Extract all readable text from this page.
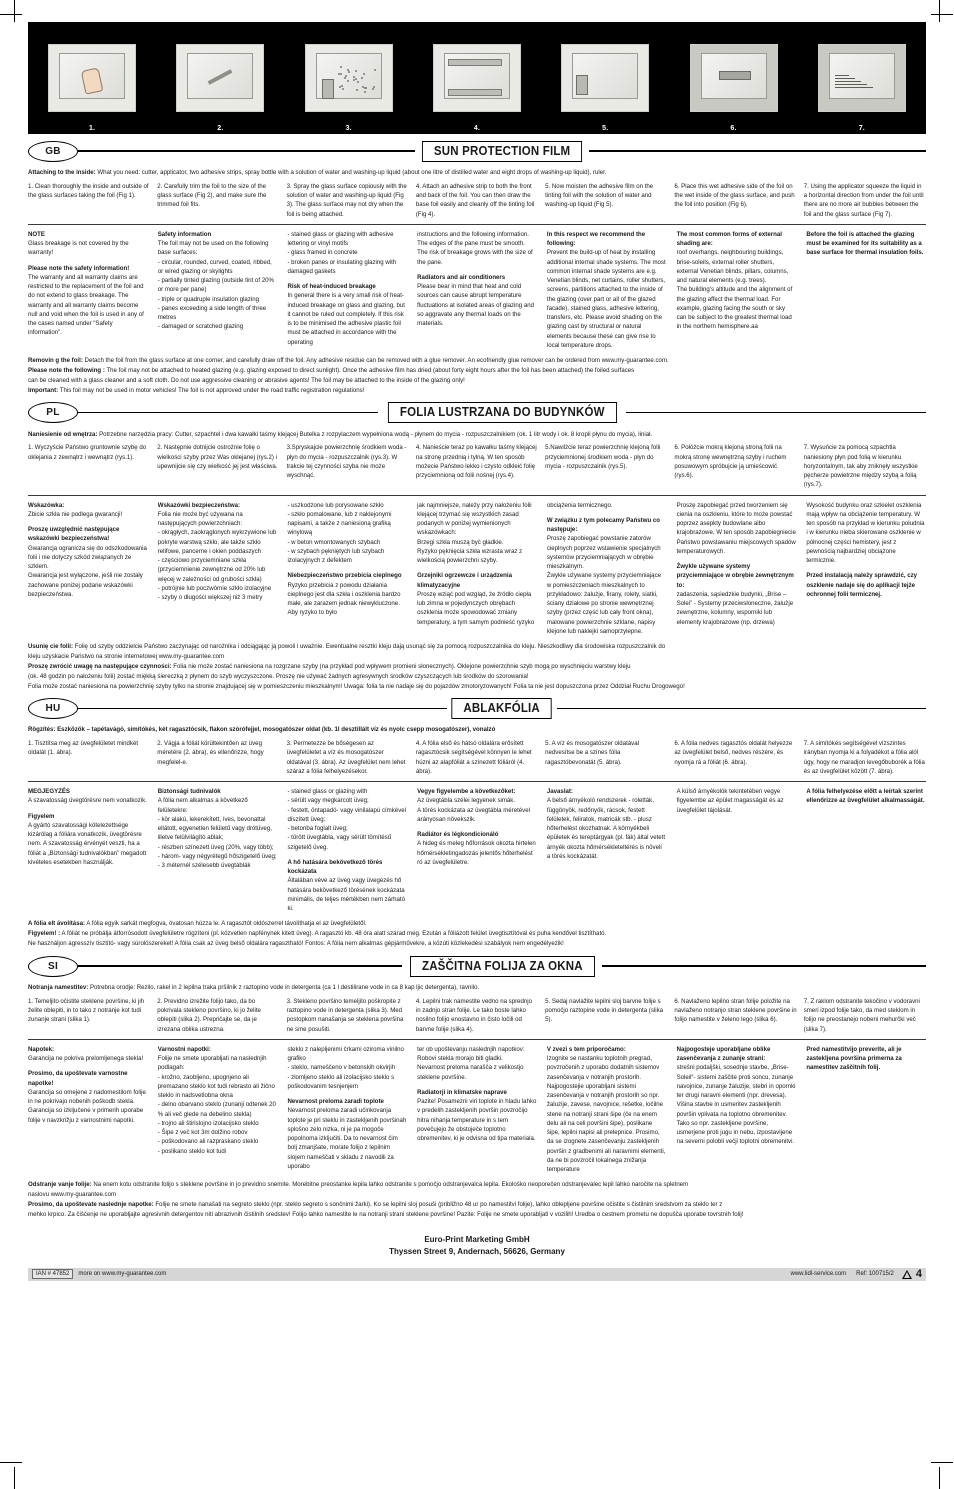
1.	2.	3.	4.	5.	6.	7.
GB	SUN PROTECTION FILM
Attaching to the inside: What you need: cutter, applicator, two adhesive strips, spray bottle with a solution of water and washing-up liquid (about one litre of distilled water and eight drops of washing-up liquid), ruler.
1. Clean thoroughly the inside and outside of the glass surfaces taking the foil (Fig 1).
2. Carefully trim the foil to the size of the glass surface (Fig 2), and make sure the trimmed foil fits.
3. Spray the glass surface copiously with the solution of water and washing-up liquid (Fig 3). The glass surface may not dry when the foil is being attached.
4. Attach an adhesive strip to both the front and back of the foil. You can then draw the base foil easily and cleanly off the tinting foil (Fig 4).
5. Now moisten the adhesive film on the tinting foil with the solution of water and washing-up liquid (Fig 5).
6. Place this wet adhesive side of the foil on the wet inside of the glass surface, and push the foil into position (Fig 6).
7. Using the applicator squeeze the liquid in a horizontal direction from under the foil until there are no more air bubbles between the foil and the glass surface (Fig 7).
NOTE
Glass breakage is not covered by the warranty!
Please note the safety information!
The warranty and all warranty claims are restricted to the replacement of the foil and do not extend to glass breakage. The warranty and all warranty claims become null and void when the foil is used in any of the cases named under “Safety information”.
Safety information
The foil may not be used on the following base surfaces:
- circular, rounded, curved, coated, ribbed, or wired glazing or skylights
- partially tinted glazing (outside tint of 20% or more per pane)
- triple or quadruple insulation glazing
- panes exceeding a side length of three metres
- damaged or scratched glazing
- stained glass or glazing with adhesive lettering or vinyl motifs
- glass framed in concrete
- broken panes or insulating glazing with damaged gaskets
Risk of heat-induced breakage
In general there is a very small risk of heat-induced breakage on glass and glazing, but it cannot be ruled out completely. If this risk is to be minimised the adhesive plastic foil must be attached in accordance with the operating
instructions and the following information.
The edges of the pane must be smooth.
The risk of breakage grows with the size of the pane.
Radiators and air conditioners
Please bear in mind that heat and cold sources can cause abrupt temperature fluctuations at isolated areas of glazing and so aggravate any thermal loads on the materials.
In this respect we recommend the following:
Prevent the build-up of heat by installing additional internal shade systems. The most common internal shade systems are e.g. Venetian blinds, net curtains, roller shutters, screens, partitions attached to the inside of the glazing (over part or all of the glazed facade), stained glass, adhesive lettering, transfers, etc. Please avoid shading on the glazing cast by structural or natural elements because these can give rise to local temperature drops.
The most common forms of external shading are:
roof overhangs, neighbouring buildings, brise-soleils, external roller shutters, external Venetian blinds, pillars, columns, and natural elements (e.g. trees).
The building's altitude and the alignment of the glazing affect the thermal load. For example, glazing facing the south or sky can be subject to the greatest thermal load in the northern hemisphere.aa
Before the foil is attached the glazing must be examined for its suitability as a base surface for thermal insulation foils.

Removin g the foil: Detach the foil from the glass surface at one corner, and carefully draw off the foil. Any adhesive residue can be removed with a glue remover. An ecofriendly glue remover can be ordered from www.my-guarantee.com.

Please note the following : The foil may not be attached to heated glazing (e.g. glazing exposed to direct sunlight). Once the adhesive film has dried (about forty eight hours after the foil has been attached) the foiled surfaces

can be cleaned with a glass cleaner and a soft cloth. Do not use aggressive cleaning or abrasive agents! The foil may be attached to the inside of the glazing only!

Important: This foil may not be used in motor vehicles! The foil is not approved under the road traffic registration regulations!

PL	FOLIA LUSTRZANA DO BUDYNKÓW
Naniesienie od wnętrza: Potrzebne narzędzia pracy: Cutter, szpachtel i dwa kawałki taśmy klejącej Butelka z rozpylaczem wypełniona wodą - płynem do mycia - rozpuszczalnikiem (ok. 1 litr wody i ok. 8 kropli płynu do mycia), liniał.
1. Wyczyście Państwo gruntownie szybę do oklejania z zewnątrz i wewnątrz (rys.1).
2. Następnie dotnijcie ostrożnie folię o wielkości szyby przez Was oklejanej (rys.2) i upewnijcie się czy wielkość jej jest właściwa.
3.Spryskajcie powierzchnię środkiem woda - płyn do mycia - rozpuszczalnik (rys.3). W trakcie tej czynności szyba nie może wyschnąć.
4. Nanieście teraz po kawałku taśmy klejącej na stronę przednią i tylną. W ten sposób możecie Państwo lekko i czysto odkleić folię przyciemnioną od folii nośnej (rys.4).
5.Nawilżcie teraz powierzchnię klejoną folii przyciemnionej środkiem woda - płyn do mycia - rozpuszczalnik (rys.5).
6. Połóżcie mokrą klejoną stroną folii na mokrą stronę wewnętrzną szyby i ruchem posuwowym spróbujcie ją umieścowić (rys.6).
7. Wysuńcie za pomocą szpachtla naniesiony płyn pod folią w kierunku horyzontalnym, tak aby zniknęły wszystkie pęcherze powietrzne między szybą a folią (rys.7).
Wskazówka:
Zbicie szkła nie podlega gwarancji!
Proszę uwzględnić następujące wskazówki bezpieczeństwa!
Gwarancja ogranicza się do odszkodowania folii i nie dotyczy szkód związanych ze szklem.
Gwarancja jest wyłączone, jeśli nie zostały zachowane poniżej podane wskazówki bezpieczeństwa.
Wskazówki bezpieczeństwa:
Folia nie może być używana na następujących powierzchniach:
- okrągłych, zaokrąglonych wykrzywione lub pokryte warstwą szkło, ale także szkło relifowe, pancerne i okien poddaszych
- częściowo przyciemniane szkła (przyciemnienie zewnętrzne od 20% lub więcej w zależności od grubości szkła)
- potrójnie lub poczwórnie szkło izolacyjne
- szyby o długości większej niż 3 metry
- uszkodzone lub porysowane szkło
- szkło pomalowane, lub z naklejonymi napisami, a także z naniesioną grafiką winylową
- w beton wmontowanych szybach
- w szybach pękniętych lub szybach izolacyjnych z defektem
Niebezpieczeństwo przebicia cieplnego
Ryzyko przebicia z powodu działania cieplnego jest dla szkła i oszklenia bardzo małe, ale zarazem jednak niewykluczone. Aby ryzyko to było
jak najmniejsze, należy przy nałożeniu folii klejącej trzymać się wszystkich zasad podanych w poniżej wymienionych wskazówkach:
Brzegi szkła muszą być gładkie.
Ryzyko pęknięcia szkła wzrasta wraz z wielkością powierzchni szyby.
Grzejniki ogrzewcze i urządzenia klimatyzacyjne
Proszę wziąć pod wzgląd, że źródło ciepła lub zimna w pojedynczych obrębach oszklenia może spowodować zmiany temperatury, a tym samym podnieść ryzyko
obciążenia termicznego.
W związku z tym polecamy Państwu co następuje:
Proszę zapobiegać powstanie zatorów cieplnych poprzez wstawienie specjalnych systemów przyciemniających w obrębie mieszkalnym.
Żwykle używane systemy przyciemniające w pomieszczeniach mieszkalnych to przykładowo: żalużje, firany, rolety, siatki, ściany działowe po stronie wewnętrznej szyby (przez część lub cały front okna), malowane powierzchnie szklane, napisy klejone lub naklejki samoprzylepne.
Proszę zapobiegać przed tworzeniem się cienia na oszkleniu, które to może powstać poprzez asepkty budowlane albo krajobrazowe. W ten sposób zapobiegniecie Państwo powstawaniu miejscowych spadów temperaturowych.
Żwykle używane systemy przyciemniające w obrębie zewnętrznym to:
zadaszenia, sąsiedzkie budynki, „Brise –Solei” - Systemy przeciwsłoneczne, żalużje zewnętrzne, kolumny, wsporniki lub elementy krajobrazowe (np. drzewa)
Wysokość budynku oraz szkielet oszklenia mają wpływ na obciążenie temperatury. W ten sposób na przykład w kierunku południa i w kierunku nieba skierowane oszklenie w północnej części hemistery, jest z pewnością najbardziej obciążone termicznie.
Przed instalacją należy sprawdzić, czy oszklenie nadaje się do aplikacji tejże ochronnej folii termicznej.

Usunię cie folii: Folię od szyby oddzielcie Państwo zaczynając od narożnika i odciągając ją powoli i uważnie. Ewentualne resztki kleju dają usunąć się za pomocą rozpuszczalnika do kleju. Nieszkodliwy dla środowiska rozpuszczalnik do

kleju uzyskacie Państwo na stronie internetowej www.my-guarantee.com

Proszę zwrócić uwagę na następujące czynności: Folia nie może zostać naniesiona na rozgrzane szyby (na przykład pod wpływem promieni słonecznych). Oklejone powierzchnie szyb mogą po wyschnięciu warstwy kleju

(ok. 48 godzin po nałożeniu folii) zostać miękką śiereczką z płynem do szyb wyczyszczone. Proszę nie używać żadnych agresywnych środków czyszczących lub środków do szorowania!

Folia może zostać naniesiona na powierzchnię szyby tylko na stronie znajdującej się w pomieszczeniu mieszkalnym! Uwaga: folia ta nie nadaje się do pojazdów zmotoryzowanych! Folia ta nie jest dopuszczona przez Oddział Ruchu Drogowego!

HU	ABLAKFÓLIA
Rögzítés: Eszközök – tapétavágó, simítókés, két ragasztócsik, flakon szórófejjel, mosogatószer oldat (kb. 1l desztillált víz és nyolc csepp mosogatószer), vonalzó
1. Tisztítsa meg az üvegfelületet mindkét oldalát (1. ábra).
2. Vágja a fóliát körültekintően az üveg méretére (2. ábra), és ellenőrizze, hogy megfelel-e.
3. Permetezze be bőségesen az üvegfelületet a víz és mosogatószer oldatával (3. ábra). Az üvegfelület nem lehet száraz a fólia felhelyezésekor.
4. A fólia első és hátsó oldalára erősített ragasztócsik segítségével könnyen le lehet húzni az alapfóliát a színezett fóliáról (4. ábra).
5. A víz és mosogatószer oldatával nedvesítse be a színes fólia ragasztóbevonatát (5. ábra).
6. A fólia nedves ragasztós oldalát helyezze az üvegfelület belső, nedves részére, és nyomja rá a fóliát (6. ábra).
7. A simítókés segítségével vízszintes irányban nyomja ki a folyadékot a fólia alól úgy, hogy ne maradjon levegőbuborék a fólia és az üvegfelület között (7. ábra).
MEGJEGYZÉS
A szavatosság üvegtörésre nem vonatkozik.
Figyelem
A gyártó szavatossági kötelezettsége kizárólag a fóliára vonatkozik, üvegtörésre nem. A szavatosság érvényét veszti, ha a fóliát a „Biztonsági tudnivalókban” megadott kivételes esetekben használják.
Biztonsági tudnivalók
A fólia nem alkalmas a következő felületekre:
- kör alakú, lekerekített, íves, bevonattal ellátott, egyenetlen felületű vagy drótüveg, illetve felülvilágító ablak;
- részben színezett üveg (20%, vagy több);
- három- vagy négyrétegű hőszigetelő üveg;
- 3 méternél szélesebb üvegtáblák
- stained glass or glazing with
- sérült vagy megkarcolt üveg;
- festett, öntapadó- vagy vinilalapú címkével díszített üveg;
- betonba foglalt üveg;
- törött üvegtábla, vagy sérült tömítésű szigetelő üveg.
A hő hatására bekövetkező törés kockázata
Általában véve az üveg vagy üvegezés hő hatására bekövetkező törésének kockázata minimális, de teljes mértékben nem zárható ki.
Vegye figyelembe a következőket:
Az üvegtábla szélei legyenek simák.
A törés kockázata az üvegtábla méretével arányosan növekszik.
Radiátor és légkondicionáló
A hideg és meleg hőforrások okozta hirtelen hőmérsékletingadozás jelentős hőterhelést ró az üvegfelületre.
Javaslat:
A belső árnyékoló rendszerek - roletták, függönyök, redőnyök, rácsok, festett felületek, feliratok, matricák stb. - plusz hőterhelést okozhatnak. A környékbeli épületek és tereptárgyak (pl. fák) által vetett árnyék okozta hőmérsékleteltérés is növeli a törés kockázatát.
A külső árnyékolók tekintetében vegye figyelembe az épület magasságát és az üvegfelület tájolását.
A fólia felhelyezése előtt a leírtak szerint ellenőrizze az üvegfelület alkalmasságát.

A fólia elt ávolítása: A fólia egyik sarkát megfogva, óvatosan húzza le. A ragasztót oldószerrel távolíthatja el az üvegfelületől.

Figyelem! : A fóliát ne próbálja átforrósodott üvegfelületre rögzíteni (pl. közvetlen napfénynek kitett üveg). A ragasztó kb. 48 óra alatt szárad meg. Ezután a fóliázott felület üvegtisztítóval és puha kendővel tisztítható.

Ne használjon agresszív tisztító- vagy súrolószereket! A fólia csak az üveg belső oldalára ragasztható! Fontos: A fólia nem alkalmas gépjárművekre, a közúti közlekedési szabályok nem engedélyezik!

SI	ZAŠČITNA FOLIJA ZA OKNA
Notranja namestitev: Potrebna orodje: Rezilo, rakel in 2 lepilna traka pršilnik z raztopino vode in detergenta (ca 1 l destilirane vode in ca 8 kap ljic detergenta), ravnilo.
1. Temeljito očistite steklene površine, ki jih želite oblepiti, in to tako z notranje kot tudi zunanje strani (slika 1).
2. Previdno izrežite folijo tako, da bo pokrivala stekleno površino, ki jo želite oblepiti (slika 2). Prepričajte se, da je izrezana oblika ustrezna.
3. Stekleno površino temeljito poškropite z raztopino vode in detergenta (slika 3). Med postopkom nanašanja se steklena površina ne sme posušiti.
4. Lepilni trak namestite vedno na sprednjo in zadnjo stran folije. Le tako boste lahko nosilno folijo enostavno in čisto ločili od barvne folije (slika 4).
5. Sedaj navlažite lepilni sloj barvne folije s pomočjo raztopine vode in detergenta (slika 5).
6. Navlaženo lepilno stran folije položite na navlaženo notranjo stran steklene površine in folijo namestite v želeno lego (slika 6).
7. Z raklom odstranite tekočino v vodoravni smeri izpod folije tako, da med steklom in folijo ne preostanejo nobeni mehurčki več (slika 7).
Napotek:
Garancija ne pokriva prelomljenega stekla!
Prosimo, da upoštevate varnostne napotke!
Garancija so omejene z nadomestilom folije in ne pokrivajo nobenih poškodb stekla. Garancija so izključene v primerih uporabe folije v navzkrižju z varnostnimi napotki.
Varnostni napotki:
Folije ne smete uporabljati na naslednjih podlagah:
- krožno, zaobljeno, upognjeno ali premazano steklo kot tudi rebrasto ali žično steklo in nadsvetlobna okna
- delno obarvano steklo (zunanji odtenek 20 % ali več glede na debelino stekla)
- trojno ali štirislojno izolacijsko steklo
- Šipe z več kot 3m dolžino robov
- poškodovano ali razpraskano steklo
- poslikano steklo kot tudi
steklo z nalepljenimi črkami oziroma vinilno grafiko
- steklo, nameščeno v betonskih okvirjih
- zlomljeno steklo ali izolacijsko steklo s poškodovanim tesnjenjem
Nevarnost preloma zaradi toplote
Nevarnost preloma zaradi učinkovanja toplote je pri steklu in zastekljenih površinah splošno zelo nizka, ni je pa mogoče popolnoma izključiti. Da to nevarnost čim bolj zmanjšate, morate folijo z lepilnim slojem nameščati v skladu z navodili za uporabo
ter ob upoštevanju naslednjih napotkov:
Robovi stekla morajo biti gladki.
Nevarnost preloma narašča z velikostjo steklene površine.
Radiatorji in klimatske naprave
Pazite! Posamezni viri toplote in hladu lahko v predelih zastekljenih površin povzročijo hitra nihanja temperature in s tem povečujejo že obstoječe toplotno obremenitev, ki je odvisna od tipa materiala.
V zvezi s tem priporočamo:
Izognite se nastanku toplotnih pregrad, povzročenih z uporabo dodatnih sistemov zasenčevanja v notranjih prostorih.
Najpogostejie uporabljani sistemi zasenčevanja v notranjih prostorih so npr. žaluzije, zavese, navojnice, rešetke, ločilne stene na notranji strani šipe (če na enem delu ali na celi površini šipe), poslikane šipe, lepilni napisi ali prelepnice. Prosimo, da se izognete zasenčevanju zastekljenih površin z gradbenimi ali naravnimi elementi, da ne bi povzročil lokalnega znižanja temperature
Najpogosteje uporabljane oblike zasenčevanja z zunanje strani:
strešni podaljški, sosednje stavbe, „Brise-Soleil“- sistemi zaščite proti soncu, zunanje navojnice, zunanje žaluzije, stebri in opornki ter drugi naravni elementi (npr. drevesa). Višina stavbe in usmeritev zastekljenih površin vplivata na toplotno obremenitev. Tako so npr. zastekljene površine, usmerjene proti jugu in nebu, izpostavljene na severni polobli večji toplotni obremenitvi.
Pred namestitvijo preverite, ali je zastekljena površina primerna za namestitev zaščitnih folij.

Odstranje vanje folije: Na enem kotu odstranite folijo s steklene površine in jo previdno snemite. Morebitne preostanke lepila lahko odstranite s pomočjo odstranjevalca lepila. Ekološko neoporečen odstranjevalec lepil lahko naročite na spletnem

naslovu www.my-guarantee.com

Prosimo, da upoštevate naslednje napotke: Folije ne smete nanašati na segreto steklo (npr. steklo segreto s sončnimi žarki). Ko se lepilni sloj posuši (približno 48 ur po namestitvi folije), lahko oblepljene površine očistite s čistilnim sredstvom za steklo ter z

mehko krpico. Za čiščenje ne uporabljajte agresivnih detergentov niti abrazivnih čistilnih sredstev! Folijo lahko namestite le na notranji strani steklene površine! Pazite: Folije ne smete uporabljati v vozilih! Uredba o cestnem prometu ne dopušča uporabe tovrstnih folij!

Euro-Print Marketing GmbH
Thyssen Street 9, Andernach, 56626, Germany
IAN # 47852	more on www.my-guarantee.com	www.lidl-service.com Ref: 100715/2 4
